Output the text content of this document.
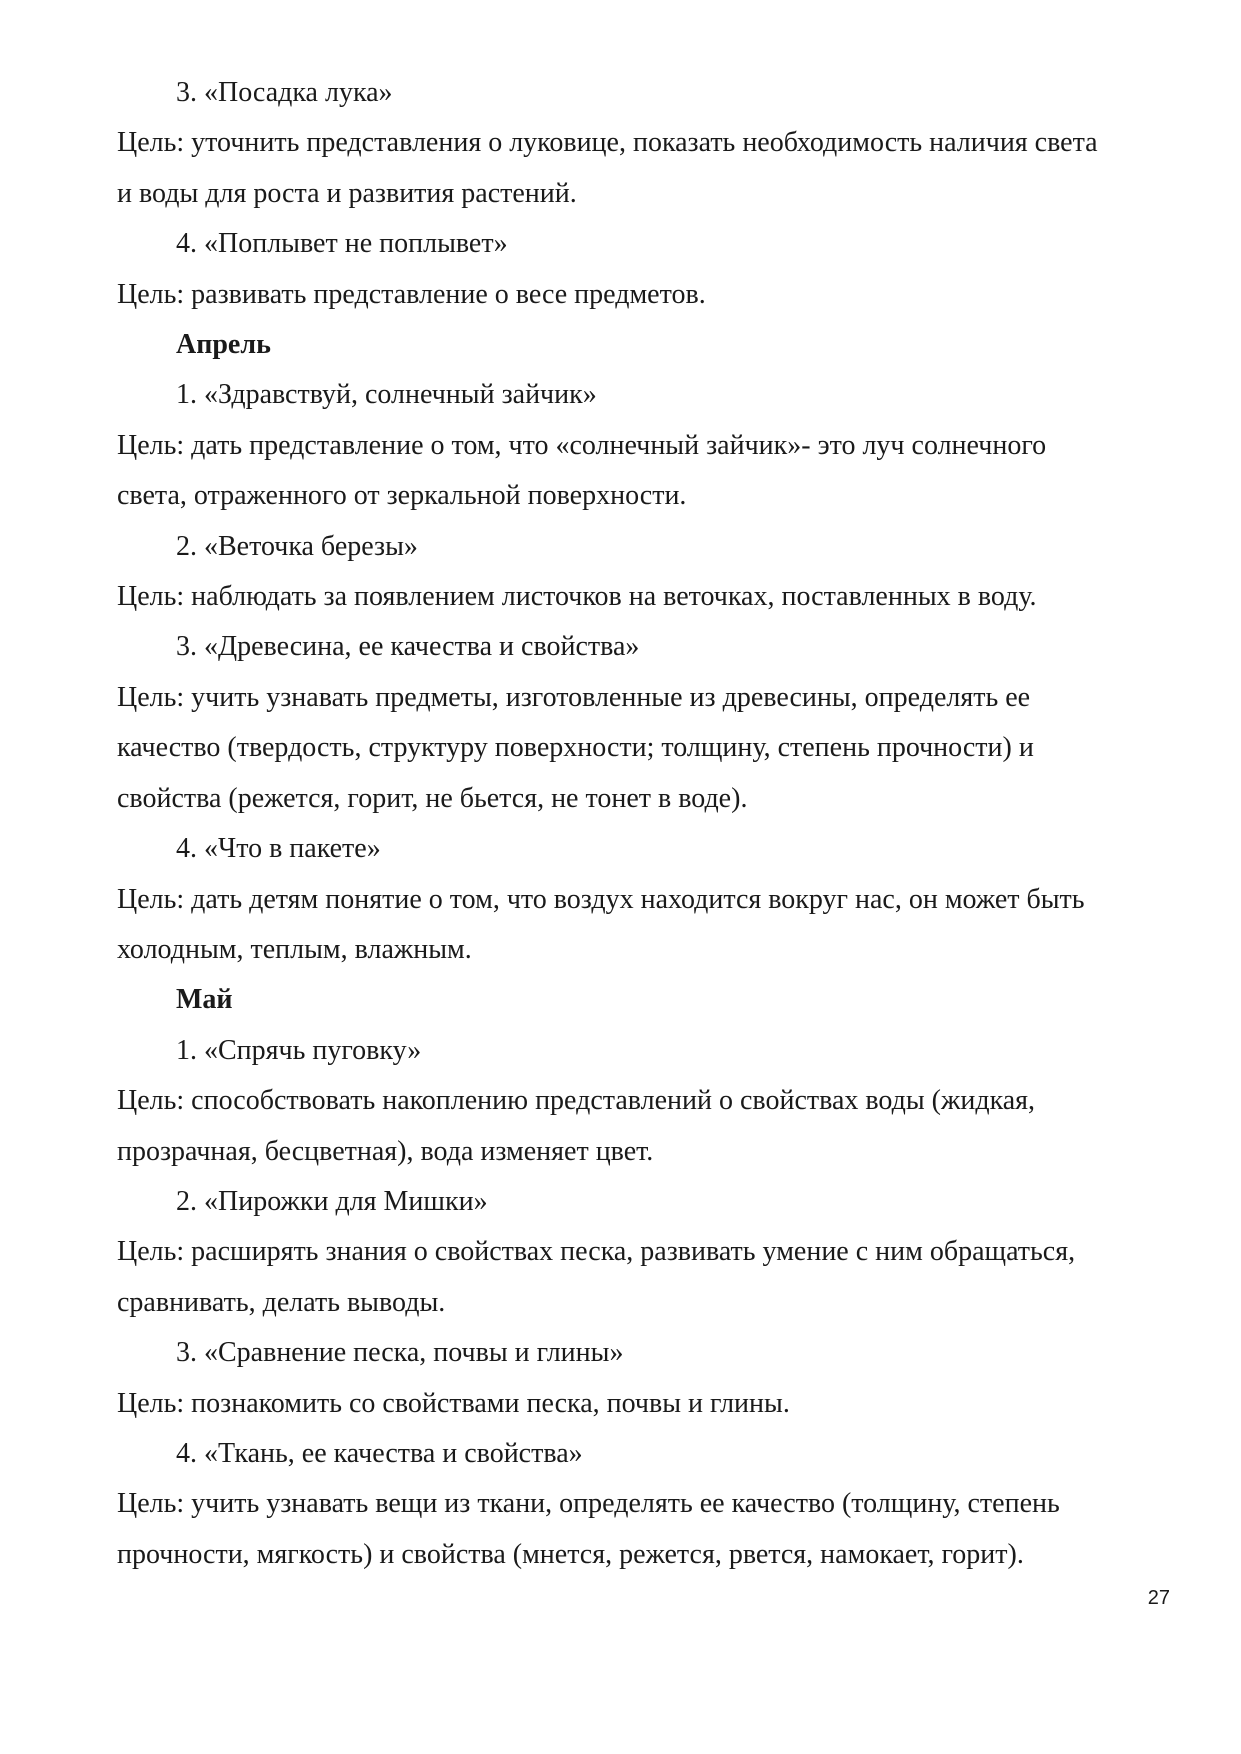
3. «Посадка лука»
Цель: уточнить представления о луковице, показать необходимость наличия света
и воды для роста и развития растений.
4. «Поплывет не поплывет»
Цель: развивать представление о весе предметов.
Апрель
1. «Здравствуй, солнечный зайчик»
Цель: дать представление о том, что «солнечный зайчик»- это луч солнечного
света, отраженного от зеркальной поверхности.
2. «Веточка березы»
Цель: наблюдать за появлением листочков на веточках, поставленных в воду.
3. «Древесина, ее качества и свойства»
Цель: учить узнавать предметы, изготовленные из древесины, определять ее
качество (твердость, структуру поверхности; толщину, степень прочности) и
свойства (режется, горит, не бьется, не тонет в воде).
4. «Что в пакете»
Цель: дать детям понятие о том, что воздух находится вокруг нас, он может быть
холодным, теплым, влажным.
Май
1. «Спрячь пуговку»
Цель: способствовать накоплению представлений о свойствах воды (жидкая,
прозрачная, бесцветная), вода изменяет цвет.
2. «Пирожки для Мишки»
Цель: расширять знания о свойствах песка, развивать умение с ним обращаться,
сравнивать, делать выводы.
3. «Сравнение песка, почвы и глины»
Цель: познакомить со свойствами песка, почвы и глины.
4. «Ткань, ее качества и свойства»
Цель: учить узнавать вещи из ткани, определять ее качество (толщину, степень
прочности, мягкость) и свойства (мнется, режется, рвется, намокает, горит).
27
